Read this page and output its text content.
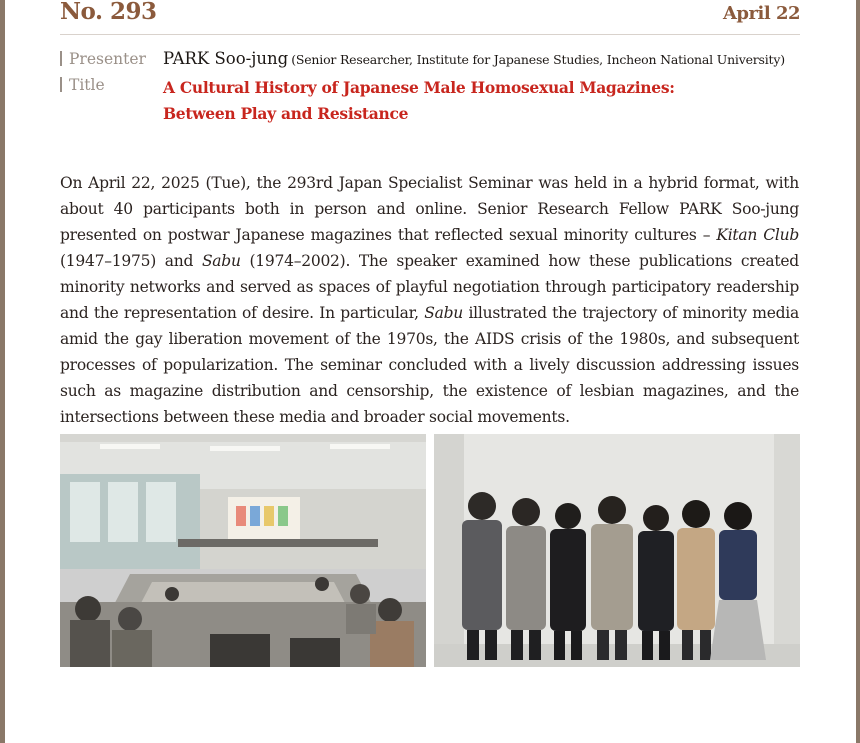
No. 293	April 22
Presenter PARK Soo-jung (Senior Researcher, Institute for Japanese Studies, Incheon National University)
Title	A Cultural History of Japanese Male Homosexual Magazines:
Between Play and Resistance

On April 22, 2025 (Tue), the 293rd Japan Specialist Seminar was held in a hybrid format, with about 40 participants both in person and online. Senior Research Fellow PARK Soo-jung presented on postwar Japanese magazines that reflected sexual minority cultures – Kitan Club (1947–1975) and Sabu (1974–2002). The speaker examined how these publications created minority networks and served as spaces of playful negotiation through participatory readership and the representation of desire. In particular, Sabu illustrated the trajectory of minority media amid the gay liberation movement of the 1970s, the AIDS crisis of the 1980s, and subsequent processes of popularization. The seminar concluded with a lively discussion addressing issues such as magazine distribution and censorship, the existence of lesbian magazines, and the intersections between these media and broader social movements.
